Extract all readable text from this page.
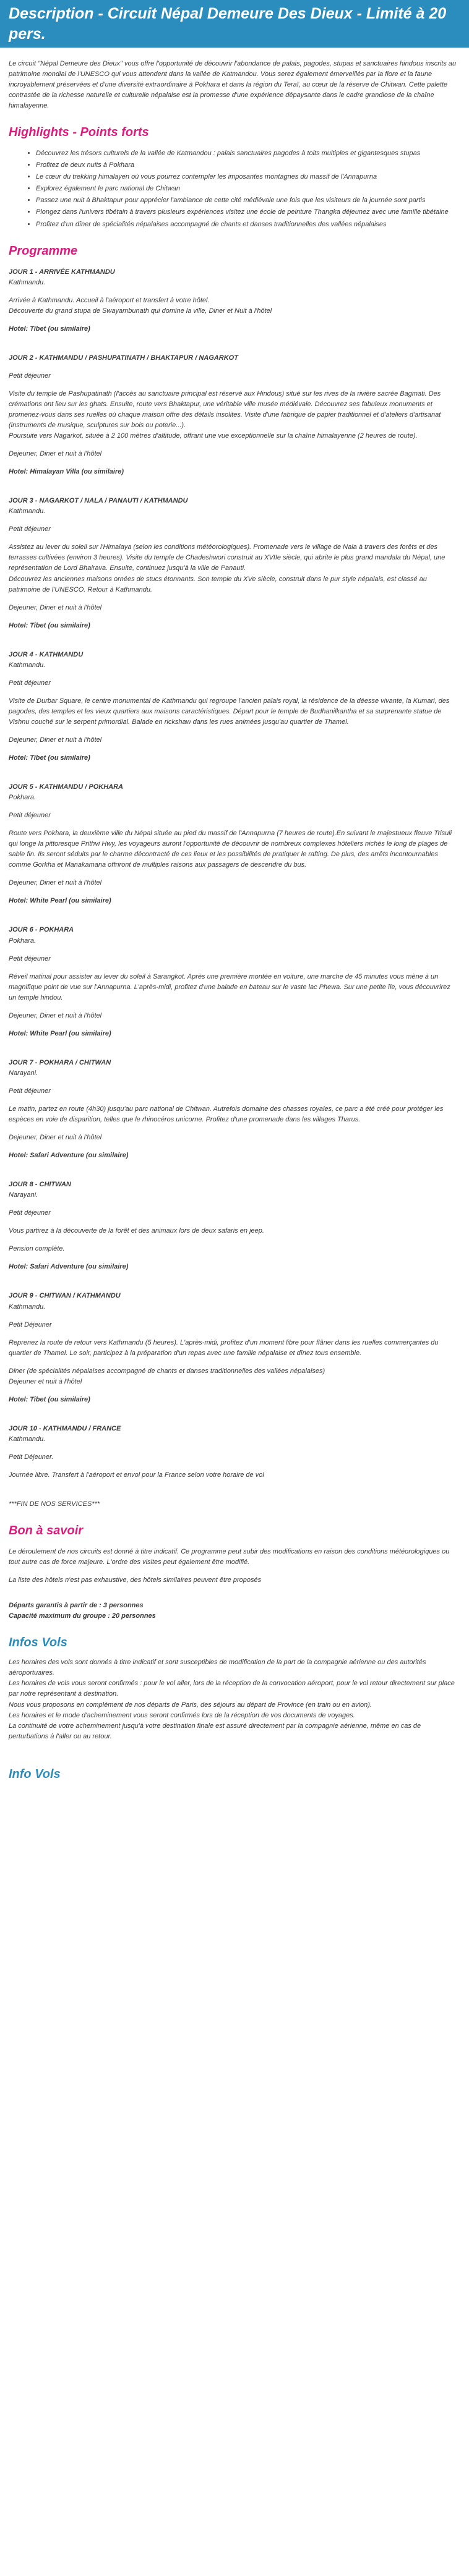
Description - Circuit Népal Demeure Des Dieux - Limité à 20 pers.

Le circuit "Népal Demeure des Dieux" vous offre l'opportunité de découvrir l'abondance de palais, pagodes, stupas et sanctuaires hindous inscrits au patrimoine mondial de l'UNESCO qui vous attendent dans la vallée de Katmandou. Vous serez également émerveillés par la flore et la faune incroyablement préservées et d'une diversité extraordinaire à Pokhara et dans la région du Teraï, au cœur de la réserve de Chitwan. Cette palette contrastée de la richesse naturelle et culturelle népalaise est la promesse d'une expérience dépaysante dans le cadre grandiose de la chaîne himalayenne.

Highlights - Points forts
• Découvrez les trésors culturels de la vallée de Katmandou : palais sanctuaires pagodes à toits multiples et gigantesques stupas
• Profitez de deux nuits à Pokhara
• Le cœur du trekking himalayen où vous pourrez contempler les imposantes montagnes du massif de l'Annapurna
• Explorez également le parc national de Chitwan
• Passez une nuit à Bhaktapur pour apprécier l'ambiance de cette cité médiévale une fois que les visiteurs de la journée sont partis
• Plongez dans l'univers tibétain à travers plusieurs expériences visitez une école de peinture Thangka déjeunez avec une famille tibétaine
• Profitez d'un dîner de spécialités népalaises accompagné de chants et danses traditionnelles des vallées népalaises
Programme
JOUR 1 - ARRIVÉE KATHMANDU
Kathmandu.

Arrivée à Kathmandu. Accueil à l'aéroport et transfert à votre hôtel.

Découverte du grand stupa de Swayambunath qui domine la ville, Diner et Nuit à l'hôtel

Hotel: Tibet (ou similaire)
JOUR 2 - KATHMANDU / PASHUPATINATH / BHAKTAPUR / NAGARKOT
Petit déjeuner

Visite du temple de Pashupatinath (l'accès au sanctuaire principal est réservé aux Hindous) situé sur les rives de la rivière sacrée Bagmati. Des crémations ont lieu sur les ghats. Ensuite, route vers Bhaktapur, une véritable ville musée médiévale. Découvrez ses fabuleux monuments et promenez-vous dans ses ruelles où chaque maison offre des détails insolites. Visite d'une fabrique de papier traditionnel et d'ateliers d'artisanat (instruments de musique, sculptures sur bois ou poterie...).

Poursuite vers Nagarkot, située à 2 100 mètres d'altitude, offrant une vue exceptionnelle sur la chaîne himalayenne (2 heures de route).

Dejeuner, Diner et nuit à l'hôtel
Hotel: Himalayan Villa (ou similaire)
JOUR 3 - NAGARKOT / NALA / PANAUTI / KATHMANDU
Kathmandu.
Petit déjeuner

Assistez au lever du soleil sur l'Himalaya (selon les conditions météorologiques). Promenade vers le village de Nala à travers des forêts et des terrasses cultivées (environ 3 heures). Visite du temple de Chadeshwori construit au XVIIe siècle, qui abrite le plus grand mandala du Népal, une représentation de Lord Bhairava. Ensuite, continuez jusqu'à la ville de Panauti.

Découvrez les anciennes maisons ornées de stucs étonnants. Son temple du XVe siècle, construit dans le pur style népalais, est classé au patrimoine de l'UNESCO. Retour à Kathmandu.

Dejeuner, Diner et nuit à l'hôtel
Hotel: Tibet (ou similaire)
JOUR 4 - KATHMANDU
Kathmandu.
Petit déjeuner

Visite de Durbar Square, le centre monumental de Kathmandu qui regroupe l'ancien palais royal, la résidence de la déesse vivante, la Kumari, des pagodes, des temples et les vieux quartiers aux maisons caractéristiques. Départ pour le temple de Budhanilkantha et sa surprenante statue de Vishnu couché sur le serpent primordial. Balade en rickshaw dans les rues animées jusqu'au quartier de Thamel.

Dejeuner, Diner et nuit à l'hôtel
Hotel: Tibet (ou similaire)
JOUR 5 - KATHMANDU / POKHARA
Pokhara.
Petit déjeuner

Route vers Pokhara, la deuxième ville du Népal située au pied du massif de l'Annapurna (7 heures de route).En suivant le majestueux fleuve Trisuli qui longe la pittoresque Prithvi Hwy, les voyageurs auront l'opportunité de découvrir de nombreux complexes hôteliers nichés le long de plages de sable fin. Ils seront séduits par le charme décontracté de ces lieux et les possibilités de pratiquer le rafting. De plus, des arrêts incontournables comme Gorkha et Manakamana offriront de multiples raisons aux passagers de descendre du bus.

Dejeuner, Diner et nuit à l'hôtel
Hotel: White Pearl (ou similaire)
JOUR 6 - POKHARA
Pokhara.
Petit déjeuner

Réveil matinal pour assister au lever du soleil à Sarangkot. Après une première montée en voiture, une marche de 45 minutes vous mène à un magnifique point de vue sur l'Annapurna. L'après-midi, profitez d'une balade en bateau sur le vaste lac Phewa. Sur une petite île, vous découvrirez un temple hindou.

Dejeuner, Diner et nuit à l'hôtel
Hotel: White Pearl (ou similaire)
JOUR 7 - POKHARA / CHITWAN
Narayani.
Petit déjeuner

Le matin, partez en route (4h30) jusqu'au parc national de Chitwan. Autrefois domaine des chasses royales, ce parc a été créé pour protéger les espèces en voie de disparition, telles que le rhinocéros unicorne. Profitez d'une promenade dans les villages Tharus.

Dejeuner, Diner et nuit à l'hôtel
Hotel: Safari Adventure (ou similaire)
JOUR 8 - CHITWAN
Narayani.
Petit déjeuner

Vous partirez à la découverte de la forêt et des animaux lors de deux safaris en jeep.

Pension complète.
Hotel: Safari Adventure (ou similaire)
JOUR 9 - CHITWAN / KATHMANDU
Kathmandu.
Petit Déjeuner

Reprenez la route de retour vers Kathmandu (5 heures). L'après-midi, profitez d'un moment libre pour flâner dans les ruelles commerçantes du quartier de Thamel. Le soir, participez à la préparation d'un repas avec une famille népalaise et dînez tous ensemble.

Diner (de spécialités népalaises accompagné de chants et danses traditionnelles des vallées népalaises)
Dejeuner et nuit à l'hôtel
Hotel: Tibet (ou similaire)
JOUR 10 - KATHMANDU / FRANCE
Kathmandu.
Petit Déjeuner.

Journée libre. Transfert à l'aéroport et envol pour la France selon votre horaire de vol

***FIN DE NOS SERVICES***

Bon à savoir

Le déroulement de nos circuits est donné à titre indicatif. Ce programme peut subir des modifications en raison des conditions météorologiques ou tout autre cas de force majeure. L'ordre des visites peut également être modifié.

La liste des hôtels n'est pas exhaustive, des hôtels similaires peuvent être proposés

Départs garantis à partir de : 3 personnes

Capacité maximum du groupe : 20 personnes

Infos Vols

Les horaires des vols sont donnés à titre indicatif et sont susceptibles de modification de la part de la compagnie aérienne ou des autorités aéroportuaires.

Les horaires de vols vous seront confirmés : pour le vol aller, lors de la réception de la convocation aéroport, pour le vol retour directement sur place par notre représentant à destination.

Nous vous proposons en complément de nos départs de Paris, des séjours au départ de Province (en train ou en avion).

Les horaires et le mode d'acheminement vous seront confirmés lors de la réception de vos documents de voyages.

La continuité de votre acheminement jusqu'à votre destination finale est assuré directement par la compagnie aérienne, même en cas de perturbations à l'aller ou au retour.

Info Vols
